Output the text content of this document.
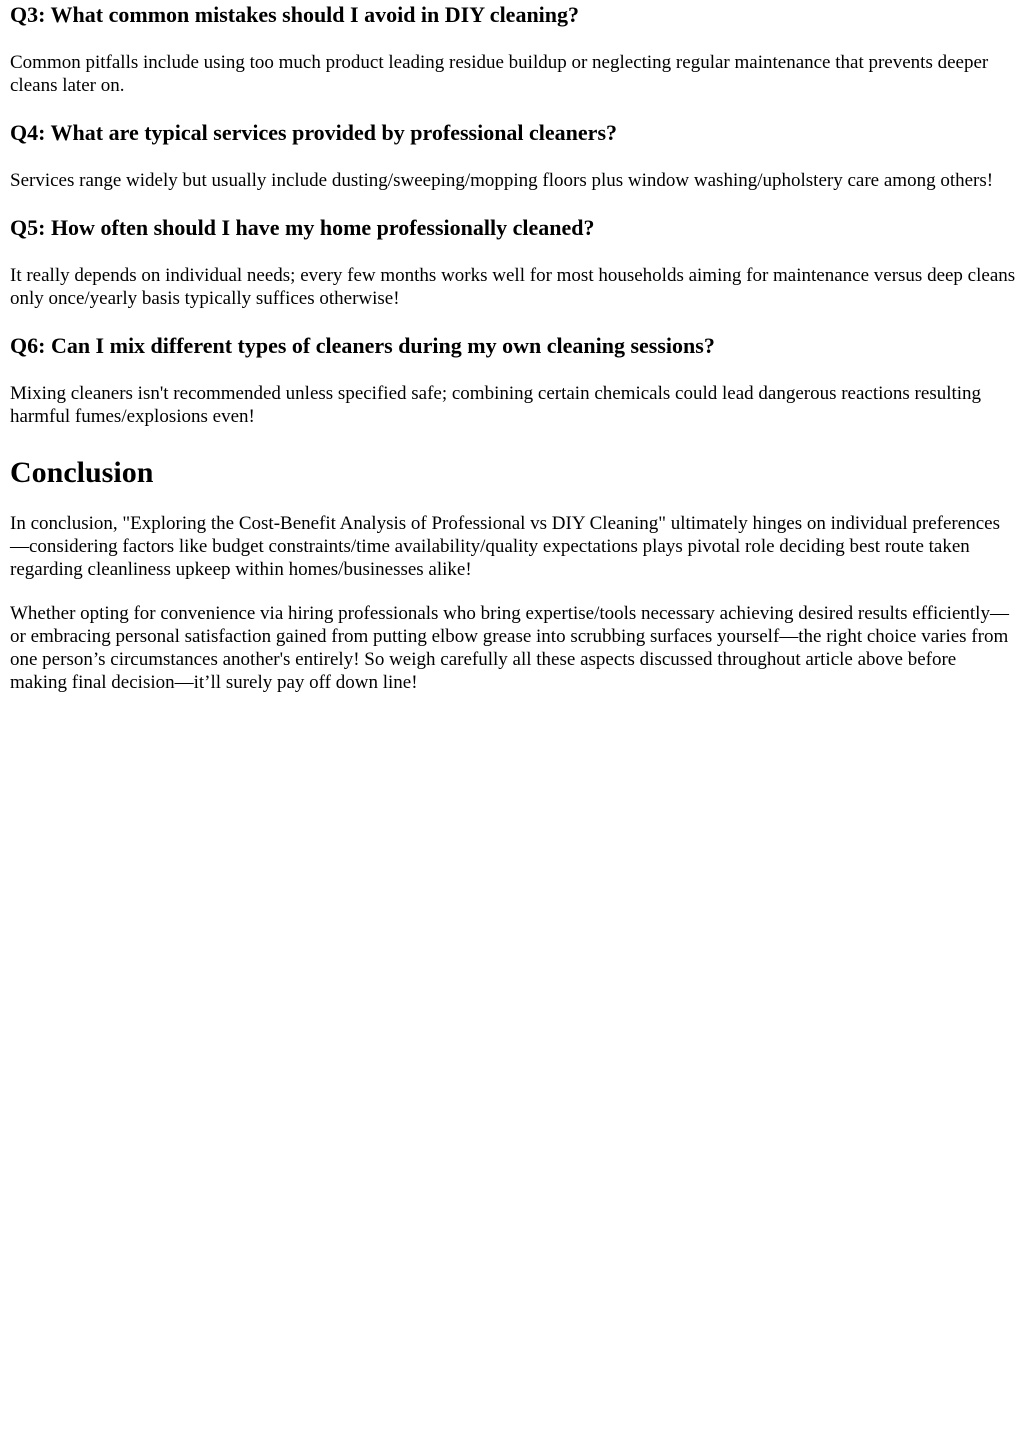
Q3: What common mistakes should I avoid in DIY cleaning?

Common pitfalls include using too much product leading residue buildup or neglecting regular maintenance that prevents deeper cleans later on.

Q4: What are typical services provided by professional cleaners?

Services range widely but usually include dusting/sweeping/mopping floors plus window washing/upholstery care among others!

Q5: How often should I have my home professionally cleaned?

It really depends on individual needs; every few months works well for most households aiming for maintenance versus deep cleans only once/yearly basis typically suffices otherwise!

Q6: Can I mix different types of cleaners during my own cleaning sessions?

Mixing cleaners isn't recommended unless specified safe; combining certain chemicals could lead dangerous reactions resulting harmful fumes/explosions even!

Conclusion

In conclusion, "Exploring the Cost-Benefit Analysis of Professional vs DIY Cleaning" ultimately hinges on individual preferences—considering factors like budget constraints/time availability/quality expectations plays pivotal role deciding best route taken regarding cleanliness upkeep within homes/businesses alike!

Whether opting for convenience via hiring professionals who bring expertise/tools necessary achieving desired results efficiently—or embracing personal satisfaction gained from putting elbow grease into scrubbing surfaces yourself—the right choice varies from one person’s circumstances another's entirely! So weigh carefully all these aspects discussed throughout article above before making final decision—it’ll surely pay off down line!
